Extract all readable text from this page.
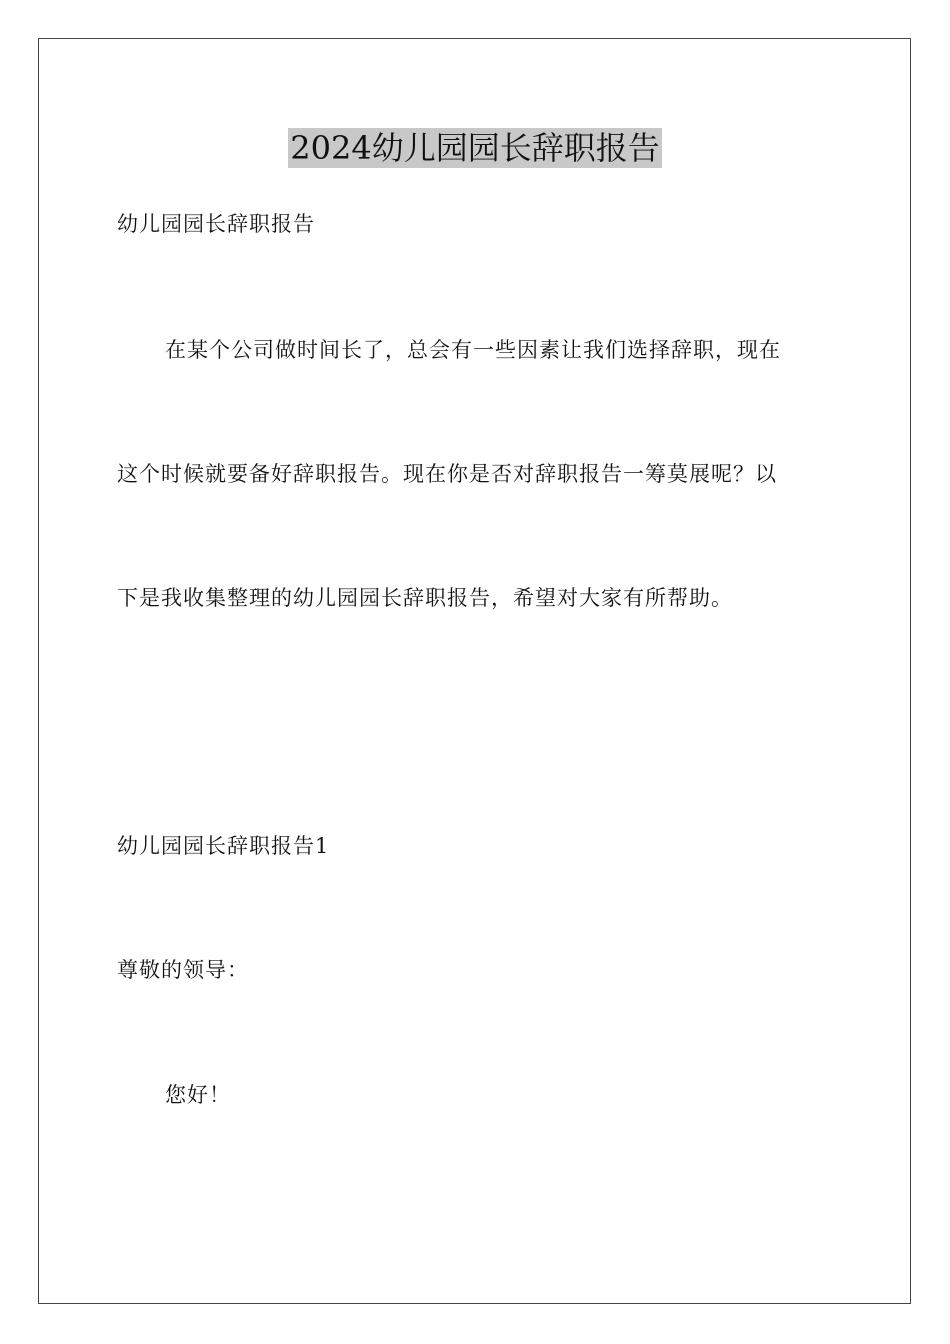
2024幼儿园园长辞职报告
幼儿园园长辞职报告
在某个公司做时间长了，总会有一些因素让我们选择辞职，现在
这个时候就要备好辞职报告。现在你是否对辞职报告一筹莫展呢？以
下是我收集整理的幼儿园园长辞职报告，希望对大家有所帮助。
幼儿园园长辞职报告1
尊敬的领导：
您好！
